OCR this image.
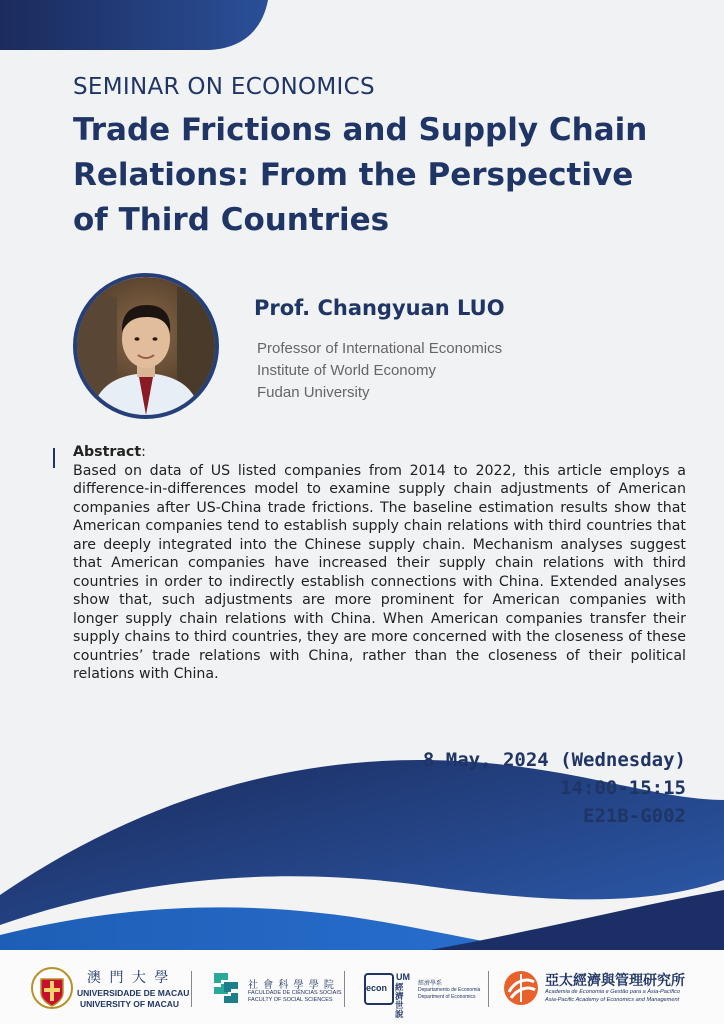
SEMINAR ON ECONOMICS
Trade Frictions and Supply Chain Relations: From the Perspective of Third Countries
Prof. Changyuan LUO
Professor of International Economics
Institute of World Economy
Fudan University
Abstract:
Based on data of US listed companies from 2014 to 2022, this article employs a difference-in-differences model to examine supply chain adjustments of American companies after US-China trade frictions. The baseline estimation results show that American companies tend to establish supply chain relations with third countries that are deeply integrated into the Chinese supply chain. Mechanism analyses suggest that American companies have increased their supply chain relations with third countries in order to indirectly establish connections with China. Extended analyses show that, such adjustments are more prominent for American companies with longer supply chain relations with China. When American companies transfer their supply chains to third countries, they are more concerned with the closeness of these countries’ trade relations with China, rather than the closeness of their political relations with China.
8 May, 2024 (Wednesday)
14:00-15:15
E21B-G002
澳 門 大 學
UNIVERSIDADE DE MACAU
UNIVERSITY OF MACAU
社 會 科 學 學 院
FACULDADE DE CIÊNCIAS SOCIAIS
FACULTY OF SOCIAL SCIENCES
econ
UM
經濟
世說
經濟學系
Departamento de Economia
Department of Economics
亞太經濟與管理研究所
Academia de Economia e Gestão para a Ásia-Pacífico
Asia-Pacific Academy of Economics and Management
